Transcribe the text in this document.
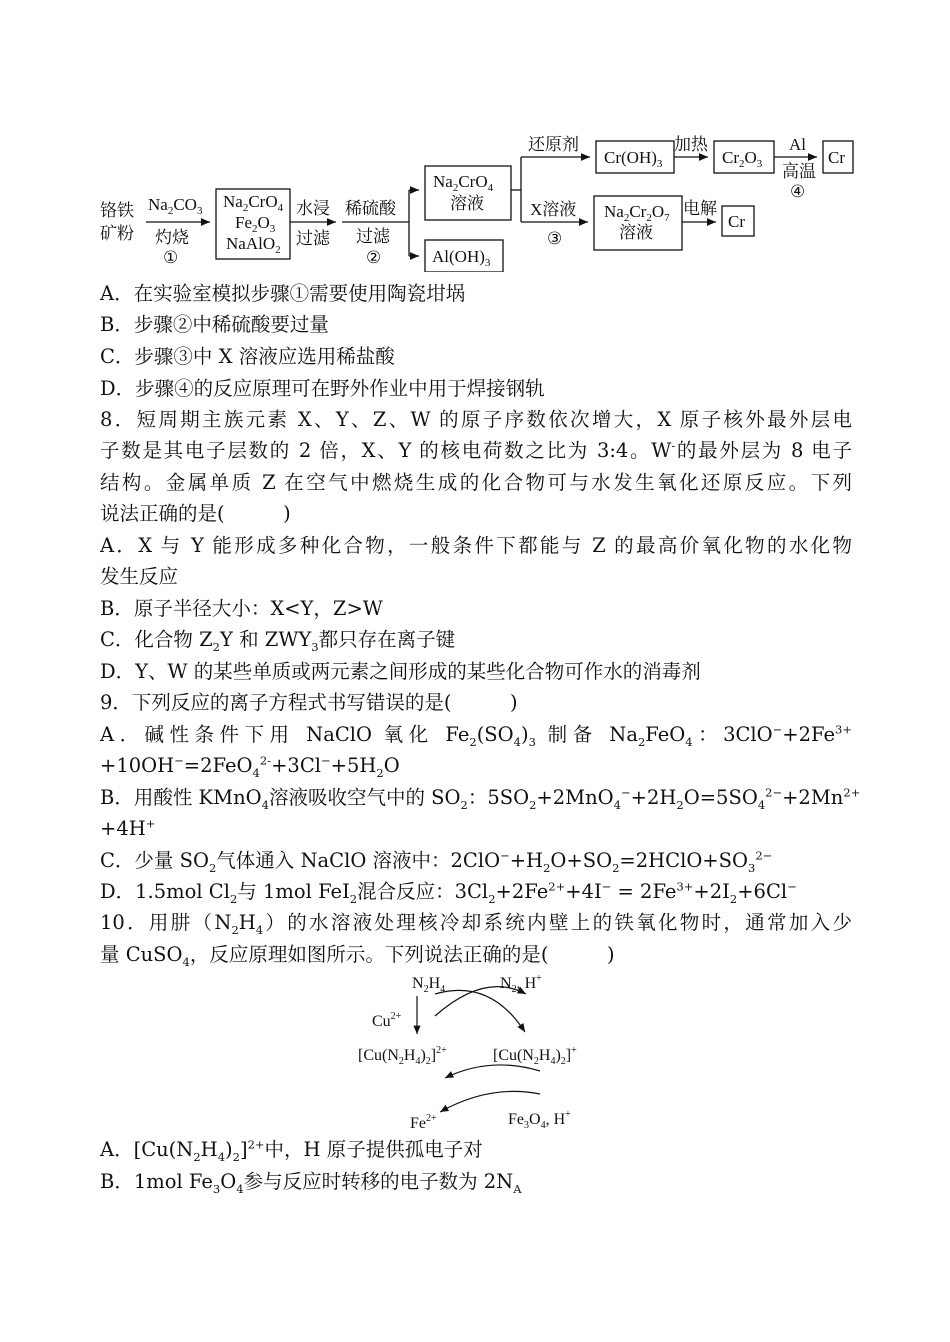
铬铁
矿粉
$Na_2CO_3$
灼烧
①
$Na_2CrO_4$
$Fe_2O_3$
NaAlO$_2$
水浸
过滤
稀硫酸
过滤
②
$Na_2CrO_4$
溶液
$Al(OH)_3$
还原剂
$Cr(OH)_3$
加热
$Cr_2O_3$
Al
高温
④
Cr
X溶液
③
$Na_2Cr_2O_7$
溶液
电解
Cr
A．在实验室模拟步骤①需要使用陶瓷坩埚
B．步骤②中稀硫酸要过量
C．步骤③中 X 溶液应选用稀盐酸
D．步骤④的反应原理可在野外作业中用于焊接钢轨
8．短周期主族元素 X、Y、Z、W 的原子序数依次增大，X 原子核外最外层电
子数是其电子层数的 2 倍，X、Y 的核电荷数之比为 3:4。W-的最外层为 8 电子
结构。金属单质 Z 在空气中燃烧生成的化合物可与水发生氧化还原反应。下列
说法正确的是(　　　)
A．X 与 Y 能形成多种化合物，一般条件下都能与 Z 的最高价氧化物的水化物
发生反应
B．原子半径大小：X<Y，Z>W
C．化合物 $Z_2Y$ 和 $ZWY_3$都只存在离子键
D．Y、W 的某些单质或两元素之间形成的某些化合物可作水的消毒剂
9．下列反应的离子方程式书写错误的是(　　　)
A．碱性条件下用 NaClO 氧化 $Fe_2(SO_4)_3$ 制备 $Na_2FeO_4$：$3ClO^-+2Fe^{3+}$
$+10OH^-=2FeO_4^{2-}+3Cl^-+5H_2O$
B．用酸性 KMnO$_4$溶液吸收空气中的 $SO_2$：$5SO_2+2MnO_4^-+2H_2O=5SO_4^{2-}+2Mn^{2+}$
+4H+
C．少量 $SO_2$气体通入 NaClO 溶液中：$2ClO^-+H_2O+SO_2=2HClO+SO_3^{2-}$
D．1.5mol $Cl_2$与 1mol FeI$_2$混合反应：$3Cl_2+2Fe^{2+}+4I^- = 2Fe^{3+}+2I_2+6Cl^-$
10．用肼$(N_2H_4)$的水溶液处理核冷却系统内壁上的铁氧化物时，通常加入少
量 CuSO$_4$，反应原理如图所示。下列说法正确的是(　　　)
$N_2H_4$	$N_2$, H+
$Cu^{2+}$
$[Cu(N_2H_4)_2]^{2+}$	$[Cu(N_2H_4)_2]^+$
$Fe^{2+}$	$Fe_3O_4$, H+
A．$[Cu(N_2H_4)_2]^{2+}$中，H 原子提供孤电子对
B．1mol $Fe_3O_4$参与反应时转移的电子数为 $2N_A$
